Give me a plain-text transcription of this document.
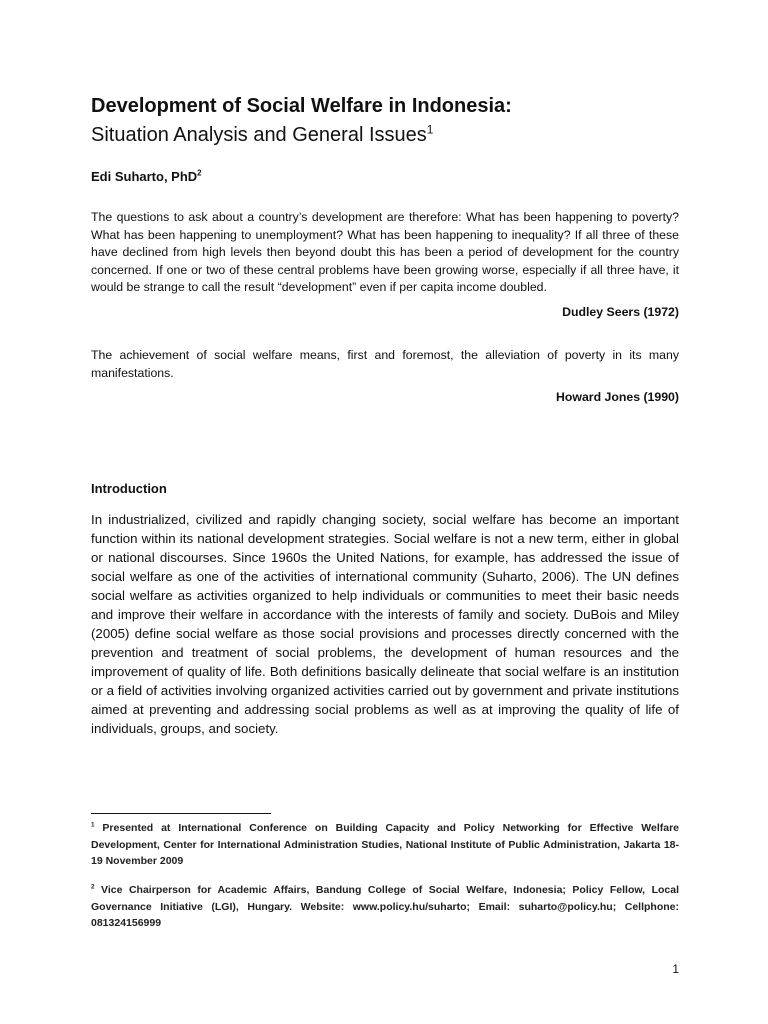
Development of Social Welfare in Indonesia:
Situation Analysis and General Issues$^1$
Edi Suharto, PhD$^2$
The questions to ask about a country’s development are therefore: What has been happening to poverty? What has been happening to unemployment? What has been happening to inequality? If all three of these have declined from high levels then beyond doubt this has been a period of development for the country concerned. If one or two of these central problems have been growing worse, especially if all three have, it would be strange to call the result “development” even if per capita income doubled.
Dudley Seers (1972)
The achievement of social welfare means, first and foremost, the alleviation of poverty in its many manifestations.
Howard Jones (1990)
Introduction
In industrialized, civilized and rapidly changing society, social welfare has become an important function within its national development strategies. Social welfare is not a new term, either in global or national discourses. Since 1960s the United Nations, for example, has addressed the issue of social welfare as one of the activities of international community (Suharto, 2006). The UN defines social welfare as activities organized to help individuals or communities to meet their basic needs and improve their welfare in accordance with the interests of family and society. DuBois and Miley (2005) define social welfare as those social provisions and processes directly concerned with the prevention and treatment of social problems, the development of human resources and the improvement of quality of life. Both definitions basically delineate that social welfare is an institution or a field of activities involving organized activities carried out by government and private institutions aimed at preventing and addressing social problems as well as at improving the quality of life of individuals, groups, and society.
$^1$ Presented at International Conference on Building Capacity and Policy Networking for Effective Welfare Development, Center for International Administration Studies, National Institute of Public Administration, Jakarta 18-19 November 2009
$^2$ Vice Chairperson for Academic Affairs, Bandung College of Social Welfare, Indonesia; Policy Fellow, Local Governance Initiative (LGI), Hungary. Website: www.policy.hu/suharto; Email: suharto@policy.hu; Cellphone: 081324156999
1
